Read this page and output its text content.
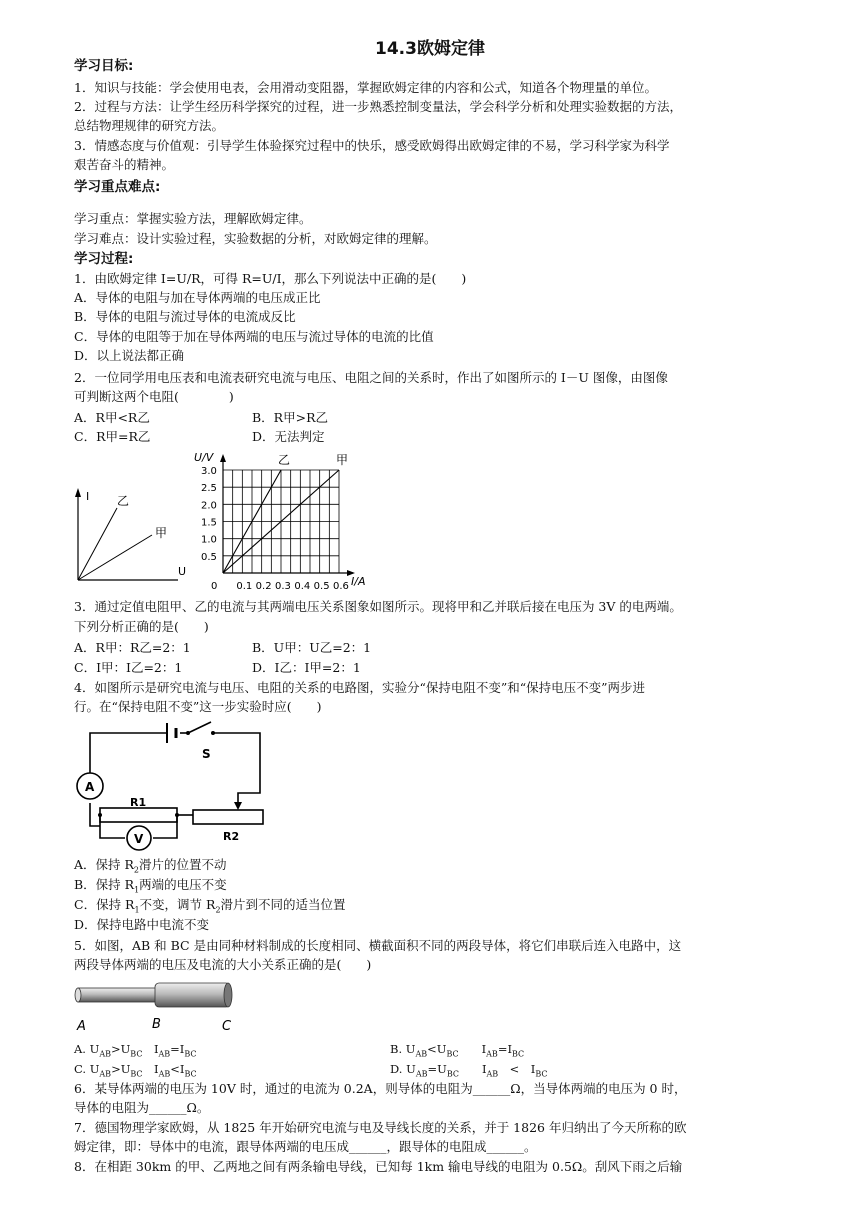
14.3欧姆定律
学习目标:
1．知识与技能：学会使用电表，会用滑动变阻器，掌握欧姆定律的内容和公式，知道各个物理量的单位。
2．过程与方法：让学生经历科学探究的过程，进一步熟悉控制变量法，学会科学分析和处理实验数据的方法，
总结物理规律的研究方法。
3．情感态度与价值观：引导学生体验探究过程中的快乐，感受欧姆得出欧姆定律的不易，学习科学家为科学
艰苦奋斗的精神。
学习重点难点:
学习重点：掌握实验方法，理解欧姆定律。
学习难点：设计实验过程，实验数据的分析，对欧姆定律的理解。
学习过程:
1．由欧姆定律 I=U/R，可得 R=U/I，那么下列说法中正确的是(　　)
A．导体的电阻与加在导体两端的电压成正比
B．导体的电阻与流过导体的电流成反比
C．导体的电阻等于加在导体两端的电压与流过导体的电流的比值
D．以上说法都正确
2．一位同学用电压表和电流表研究电流与电压、电阻之间的关系时，作出了如图所示的 I－U 图像，由图像
可判断这两个电阻(　　　　)
A．R甲<R乙	B．R甲>R乙
C．R甲=R乙	D．无法判定
I
U
乙
甲
0 0.1 0.2 0.3 0.4 0.5 0.6
0.5
1.0
1.5
2.0
2.5
3.0
乙	甲
U/V
I/A
3．通过定值电阻甲、乙的电流与其两端电压关系图象如图所示。现将甲和乙并联后接在电压为 3V 的电两端。
下列分析正确的是(　　)
A．R甲：R乙=2：1	B．U甲：U乙=2：1
C．I甲：I乙=2：1	D．I乙：I甲=2：1
4．如图所示是研究电流与电压、电阻的关系的电路图，实验分“保持电阻不变”和“保持电压不变”两步进
行。在“保持电阻不变”这一步实验时应(　　)
S
A
R1
V	R2
A．保持 $R_2$滑片的位置不动
B．保持 $R_1$两端的电压不变
C．保持 $R_1$不变，调节 $R_2$滑片到不同的适当位置
D．保持电路中电流不变
5．如图，AB 和 BC 是由同种材料制成的长度相同、横截面积不同的两段导体，将它们串联后连入电路中，这
两段导体两端的电压及电流的大小关系正确的是(　　)
A	B	C
A. $U_{AB}>U_{BC}$　$I_{AB}=I_{BC}$	B. $U_{AB}<U_{BC}$　　$I_{AB}=I_{BC}$
C. $U_{AB}>U_{BC}$　$I_{AB}<I_{BC}$	D. $U_{AB}=U_{BC}$　　$I_{AB}$　<　$I_{BC}$
6．某导体两端的电压为 10V 时，通过的电流为 0.2A，则导体的电阻为______Ω，当导体两端的电压为 0 时，
导体的电阻为______Ω。
7．德国物理学家欧姆，从 1825 年开始研究电流与电及导线长度的关系，并于 1826 年归纳出了今天所称的欧
姆定律，即：导体中的电流，跟导体两端的电压成______，跟导体的电阻成______。
8．在相距 30km 的甲、乙两地之间有两条输电导线，已知每 1km 输电导线的电阻为 0.5Ω。刮风下雨之后输
